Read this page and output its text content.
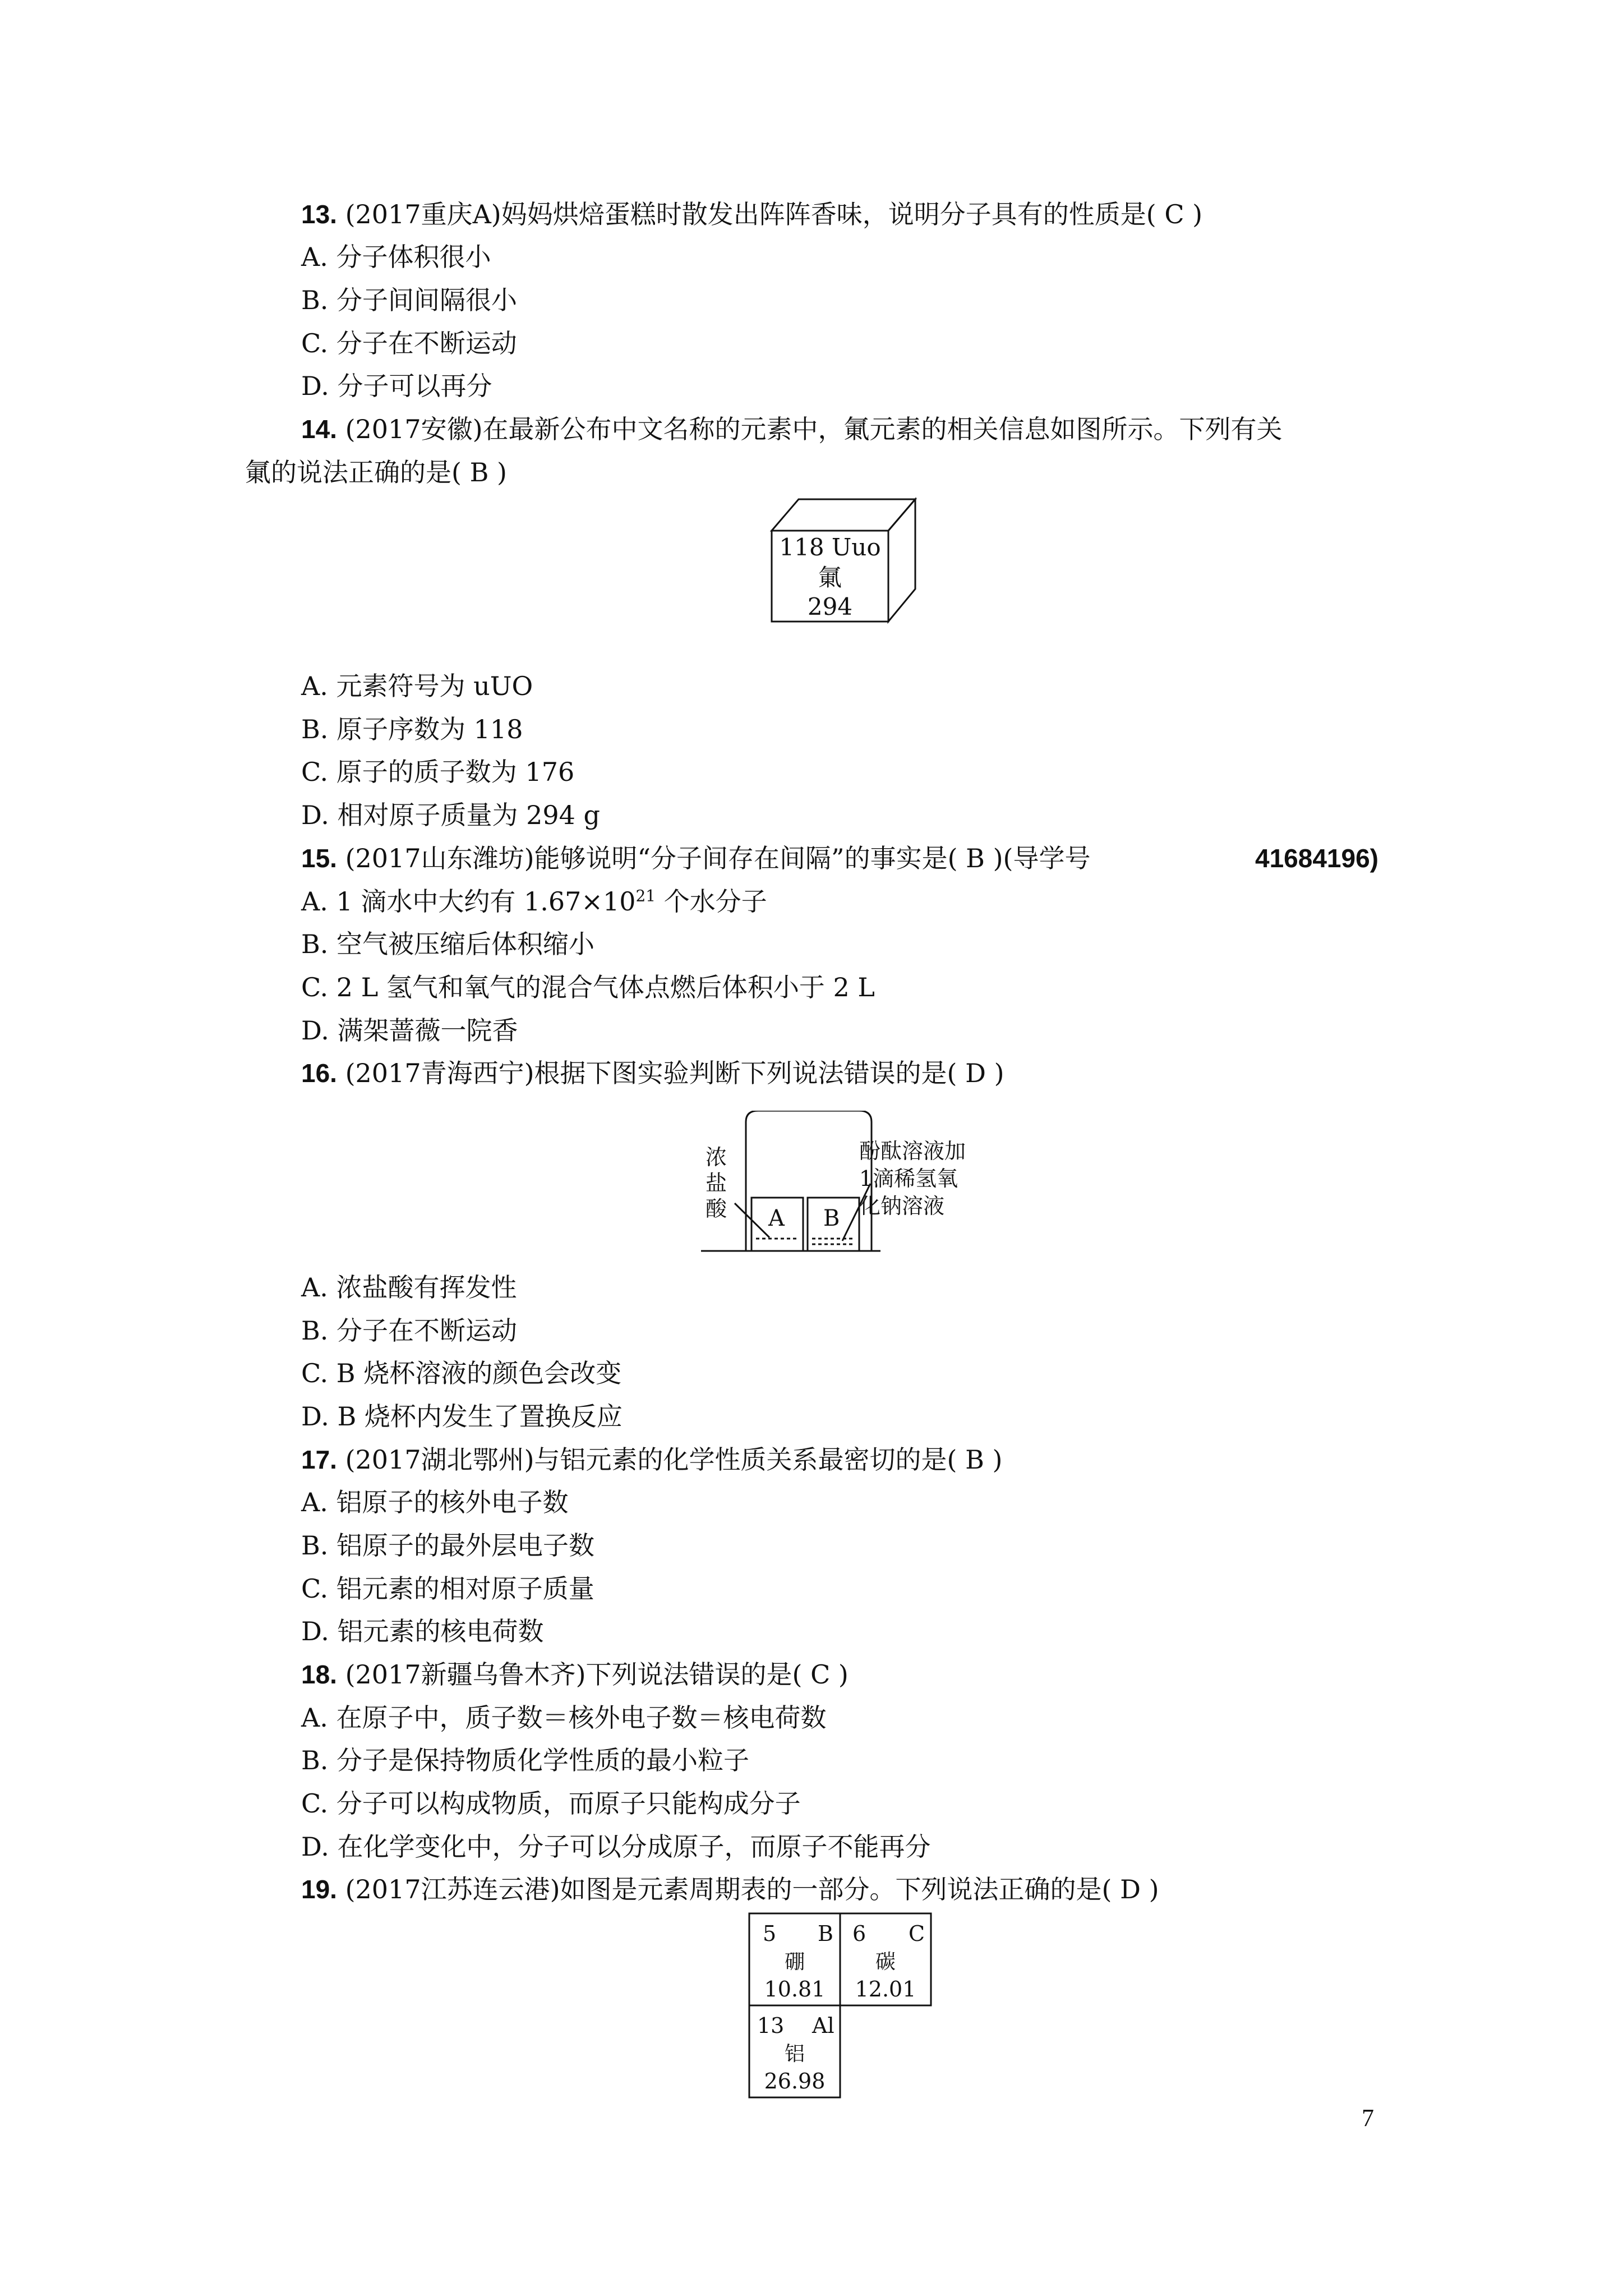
13. (2017重庆A)妈妈烘焙蛋糕时散发出阵阵香味，说明分子具有的性质是( C )
A. 分子体积很小
B. 分子间间隔很小
C. 分子在不断运动
D. 分子可以再分
14. (2017安徽)在最新公布中文名称的元素中，氭元素的相关信息如图所示。下列有关
氭的说法正确的是( B )
118 Uuo
氭
294
A. 元素符号为 uUO
B. 原子序数为 118
C. 原子的质子数为 176
D. 相对原子质量为 294 g
15. (2017山东潍坊)能够说明“分子间存在间隔”的事实是( B )(导学号	41684196)
A. 1 滴水中大约有 $1.67\times 10^{21}$ 个水分子
B. 空气被压缩后体积缩小
C. 2 L 氢气和氧气的混合气体点燃后体积小于 2 L
D. 满架蔷薇一院香
16. (2017青海西宁)根据下图实验判断下列说法错误的是( D )
A B
浓
盐
酸
酚酞溶液加
1滴稀氢氧
化钠溶液
A. 浓盐酸有挥发性
B. 分子在不断运动
C. B 烧杯溶液的颜色会改变
D. B 烧杯内发生了置换反应
17. (2017湖北鄂州)与铝元素的化学性质关系最密切的是( B )
A. 铝原子的核外电子数
B. 铝原子的最外层电子数
C. 铝元素的相对原子质量
D. 铝元素的核电荷数
18. (2017新疆乌鲁木齐)下列说法错误的是( C )
A. 在原子中，质子数＝核外电子数＝核电荷数
B. 分子是保持物质化学性质的最小粒子
C. 分子可以构成物质，而原子只能构成分子
D. 在化学变化中，分子可以分成原子，而原子不能再分
19. (2017江苏连云港)如图是元素周期表的一部分。下列说法正确的是( D )
5 B
硼
10.81
6 C
碳
12.01
13 Al
铝
26.98
7
